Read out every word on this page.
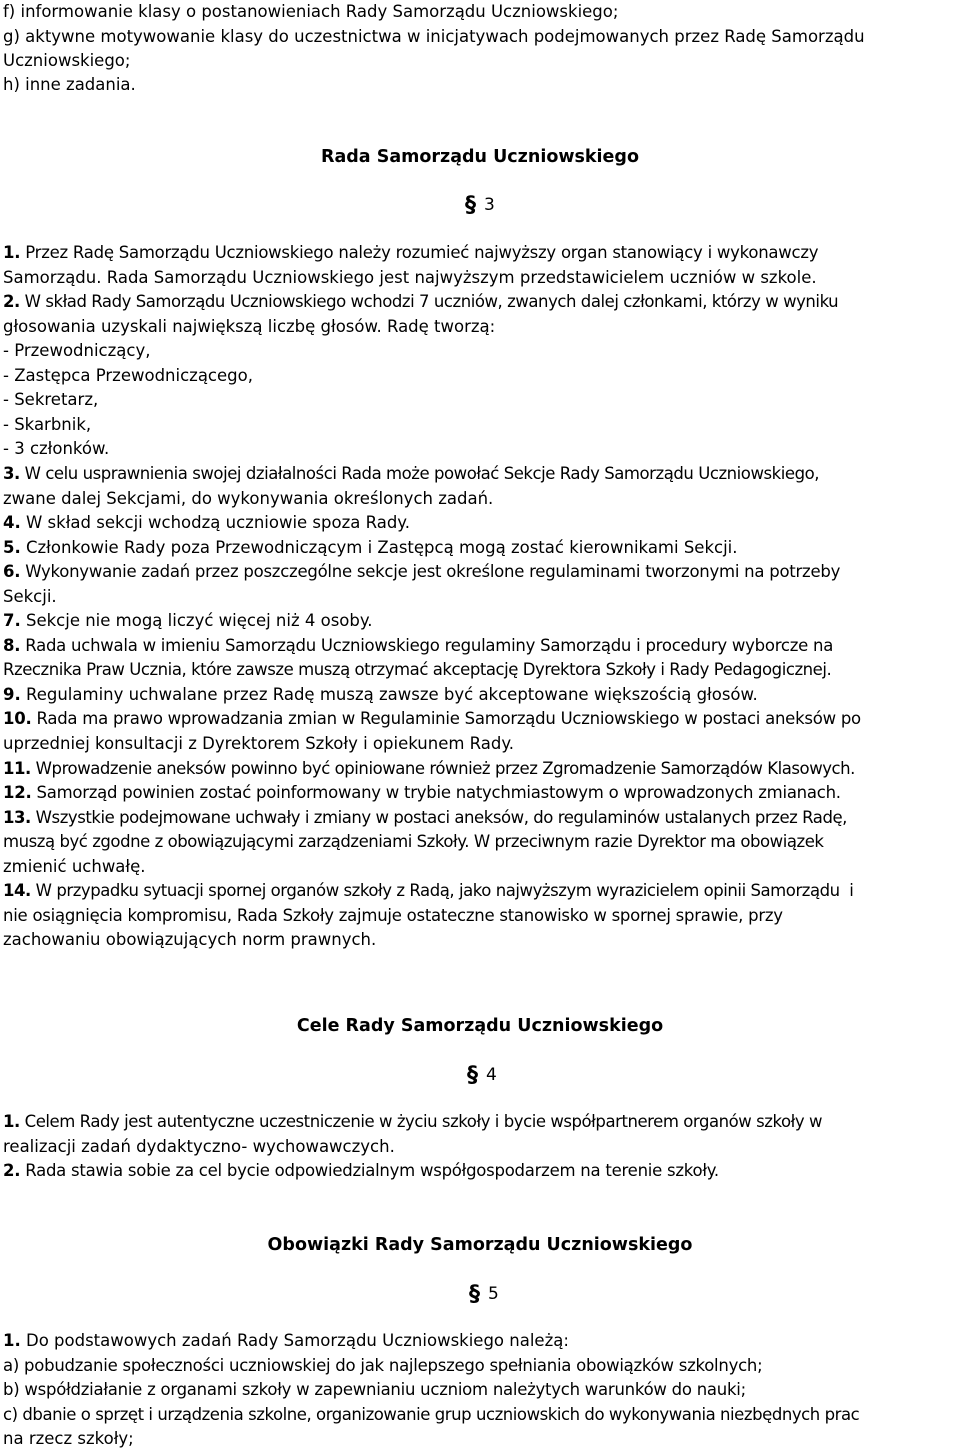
f) informowanie klasy o postanowieniach Rady Samorządu Uczniowskiego;
g) aktywne motywowanie klasy do uczestnictwa w inicjatywach podejmowanych przez Radę Samorządu
Uczniowskiego;
h) inne zadania.
Rada Samorządu Uczniowskiego
§ 3
1. Przez Radę Samorządu Uczniowskiego należy rozumieć najwyższy organ stanowiący i wykonawczy
Samorządu. Rada Samorządu Uczniowskiego jest najwyższym przedstawicielem uczniów w szkole.
2. W skład Rady Samorządu Uczniowskiego wchodzi 7 uczniów, zwanych dalej członkami, którzy w wyniku
głosowania uzyskali największą liczbę głosów. Radę tworzą:
- Przewodniczący,
- Zastępca Przewodniczącego,
- Sekretarz,
- Skarbnik,
- 3 członków.
3. W celu usprawnienia swojej działalności Rada może powołać Sekcje Rady Samorządu Uczniowskiego,
zwane dalej Sekcjami, do wykonywania określonych zadań.
4. W skład sekcji wchodzą uczniowie spoza Rady.
5. Członkowie Rady poza Przewodniczącym i Zastępcą mogą zostać kierownikami Sekcji.
6. Wykonywanie zadań przez poszczególne sekcje jest określone regulaminami tworzonymi na potrzeby
Sekcji.
7. Sekcje nie mogą liczyć więcej niż 4 osoby.
8. Rada uchwala w imieniu Samorządu Uczniowskiego regulaminy Samorządu i procedury wyborcze na
Rzecznika Praw Ucznia, które zawsze muszą otrzymać akceptację Dyrektora Szkoły i Rady Pedagogicznej.
9. Regulaminy uchwalane przez Radę muszą zawsze być akceptowane większością głosów.
10. Rada ma prawo wprowadzania zmian w Regulaminie Samorządu Uczniowskiego w postaci aneksów po
uprzedniej konsultacji z Dyrektorem Szkoły i opiekunem Rady.
11. Wprowadzenie aneksów powinno być opiniowane również przez Zgromadzenie Samorządów Klasowych.
12. Samorząd powinien zostać poinformowany w trybie natychmiastowym o wprowadzonych zmianach.
13. Wszystkie podejmowane uchwały i zmiany w postaci aneksów, do regulaminów ustalanych przez Radę,
muszą być zgodne z obowiązującymi zarządzeniami Szkoły. W przeciwnym razie Dyrektor ma obowiązek
zmienić uchwałę.
14. W przypadku sytuacji spornej organów szkoły z Radą, jako najwyższym wyrazicielem opinii Samorządu  i
nie osiągnięcia kompromisu, Rada Szkoły zajmuje ostateczne stanowisko w spornej sprawie, przy
zachowaniu obowiązujących norm prawnych.
Cele Rady Samorządu Uczniowskiego
§ 4
1. Celem Rady jest autentyczne uczestniczenie w życiu szkoły i bycie współpartnerem organów szkoły w
realizacji zadań dydaktyczno- wychowawczych.
2. Rada stawia sobie za cel bycie odpowiedzialnym współgospodarzem na terenie szkoły.
Obowiązki Rady Samorządu Uczniowskiego
§ 5
1. Do podstawowych zadań Rady Samorządu Uczniowskiego należą:
a) pobudzanie społeczności uczniowskiej do jak najlepszego spełniania obowiązków szkolnych;
b) współdziałanie z organami szkoły w zapewnianiu uczniom należytych warunków do nauki;
c) dbanie o sprzęt i urządzenia szkolne, organizowanie grup uczniowskich do wykonywania niezbędnych prac
na rzecz szkoły;
